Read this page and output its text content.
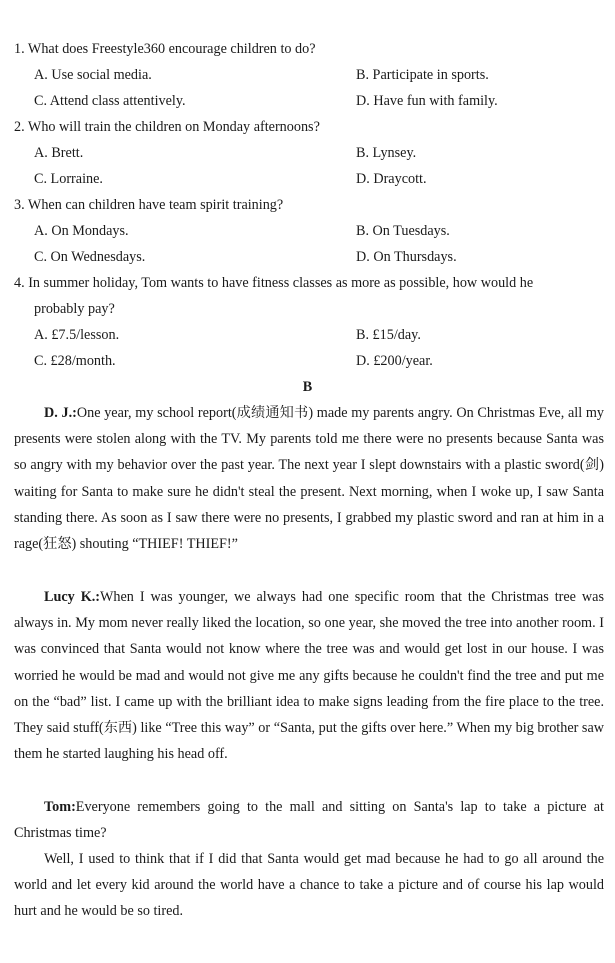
1. What does Freestyle360 encourage children to do?
A. Use social media.	B. Participate in sports.
C. Attend class attentively.	D. Have fun with family.
2. Who will train the children on Monday afternoons?
A. Brett.	B. Lynsey.
C. Lorraine.	D. Draycott.
3. When can children have team spirit training?
A. On Mondays.	B. On Tuesdays.
C. On Wednesdays.	D. On Thursdays.
4. In summer holiday, Tom wants to have fitness classes as more as possible, how would he
probably pay?
A. £7.5/lesson.	B. £15/day.
C. £28/month.	D. £200/year.
B

D. J.:One year, my school report(成绩通知书) made my parents angry. On Christmas Eve, all my presents were stolen along with the TV. My parents told me there were no presents because Santa was so angry with my behavior over the past year. The next year I slept downstairs with a plastic sword(剑) waiting for Santa to make sure he didn't steal the present. Next morning, when I woke up, I saw Santa standing there. As soon as I saw there were no presents, I grabbed my plastic sword and ran at him in a rage(狂怒) shouting “THIEF! THIEF!”

Lucy K.:When I was younger, we always had one specific room that the Christmas tree was always in. My mom never really liked the location, so one year, she moved the tree into another room. I was convinced that Santa would not know where the tree was and would get lost in our house. I was worried he would be mad and would not give me any gifts because he couldn't find the tree and put me on the “bad” list. I came up with the brilliant idea to make signs leading from the fire place to the tree. They said stuff(东西) like “Tree this way” or “Santa, put the gifts over here.” When my big brother saw them he started laughing his head off.

Tom:Everyone remembers going to the mall and sitting on Santa's lap to take a picture at Christmas time?

Well, I used to think that if I did that Santa would get mad because he had to go all around the world and let every kid around the world have a chance to take a picture and of course his lap would hurt and he would be so tired.
